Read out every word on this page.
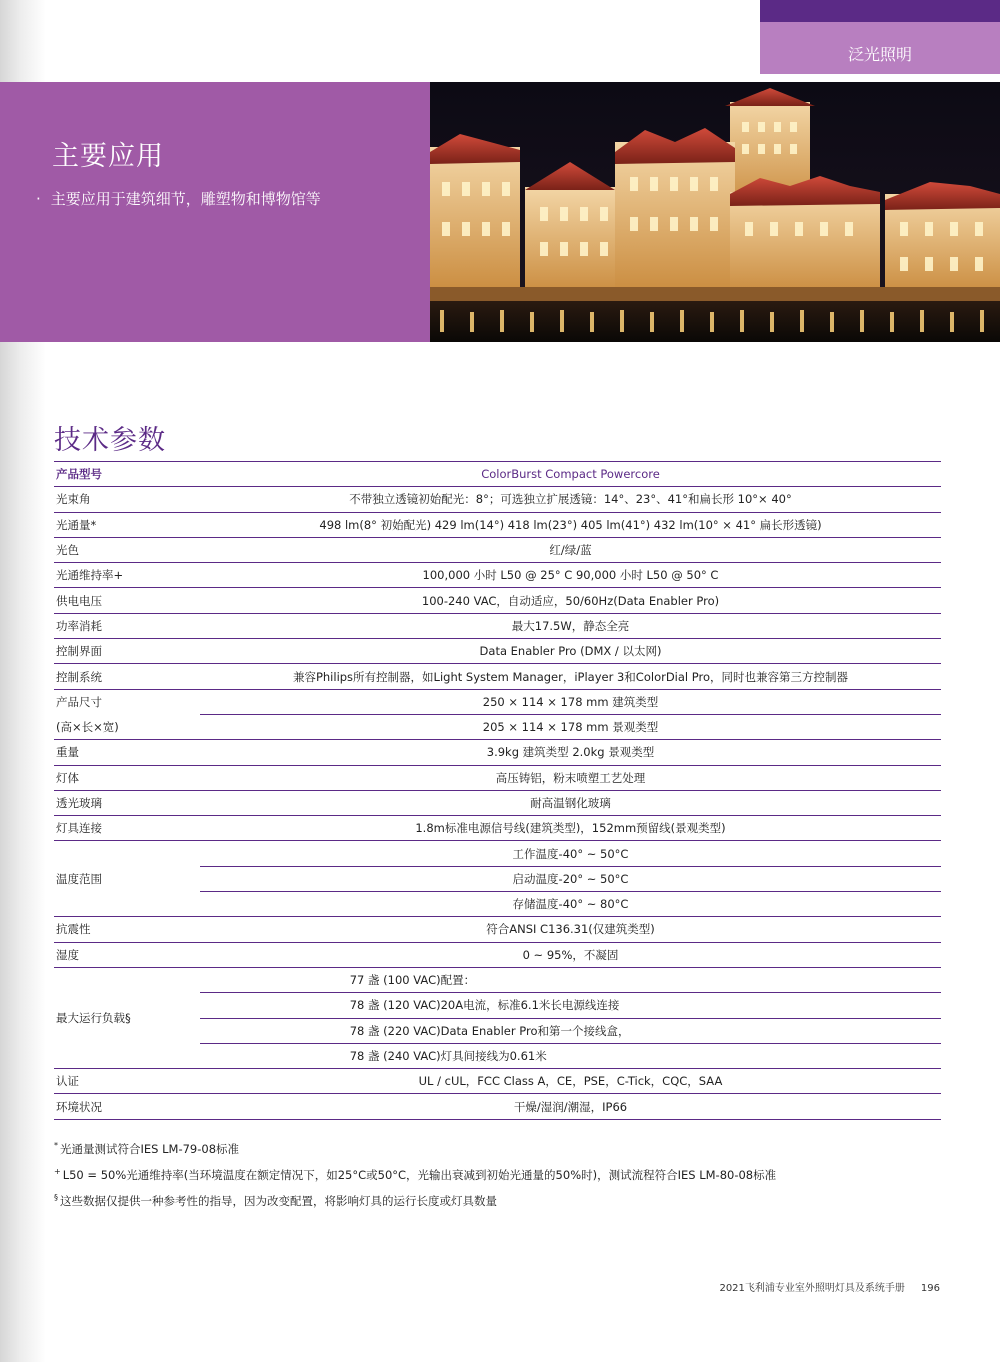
泛光照明
主要应用
· 主要应用于建筑细节，雕塑物和博物馆等
技术参数
产品型号	ColorBurst Compact Powercore	
光束角	不带独立透镜初始配光：8°；可选独立扩展透镜：14°、23°、41°和扁长形 10°× 40°	
光通量*	498 lm(8° 初始配光) 429 lm(14°) 418 lm(23°) 405 lm(41°) 432 lm(10° × 41° 扁长形透镜)	
光色	红/绿/蓝	
光通维持率+	100,000 小时 L50 @ 25° C 90,000 小时 L50 @ 50° C	
供电电压	100-240 VAC，自动适应，50/60Hz(Data Enabler Pro)	
功率消耗	最大17.5W，静态全亮	
控制界面	Data Enabler Pro (DMX / 以太网)	
控制系统	兼容Philips所有控制器，如Light System Manager，iPlayer 3和ColorDial Pro，同时也兼容第三方控制器	
产品尺寸	250 × 114 × 178 mm 建筑类型	
(高×长×宽)	205 × 114 × 178 mm 景观类型	
重量	3.9kg 建筑类型 2.0kg 景观类型	
灯体	高压铸铝，粉末喷塑工艺处理	
透光玻璃	耐高温钢化玻璃	
灯具连接	1.8m标准电源信号线(建筑类型)，152mm预留线(景观类型)	
温度范围	工作温度-40° ~ 50°C	
	启动温度-20° ~ 50°C	
	存储温度-40° ~ 80°C	
抗震性	符合ANSI C136.31(仅建筑类型)	
湿度	0 ~ 95%，不凝固	
最大运行负载§	77 盏 (100 VAC)	配置：
	78 盏 (120 VAC)	20A电流，标准6.1米长电源线连接
	78 盏 (220 VAC)	Data Enabler Pro和第一个接线盒，
	78 盏 (240 VAC)	灯具间接线为0.61米
认证	UL / cUL，FCC Class A，CE，PSE，C-Tick，CQC，SAA	
环境状况	干燥/湿润/潮湿，IP66	
* 光通量测试符合IES LM-79-08标准
+ L50 = 50%光通维持率(当环境温度在额定情况下，如25°C或50°C，光输出衰减到初始光通量的50%时)，测试流程符合IES LM-80-08标准
§ 这些数据仅提供一种参考性的指导，因为改变配置，将影响灯具的运行长度或灯具数量
2021飞利浦专业室外照明灯具及系统手册 196
